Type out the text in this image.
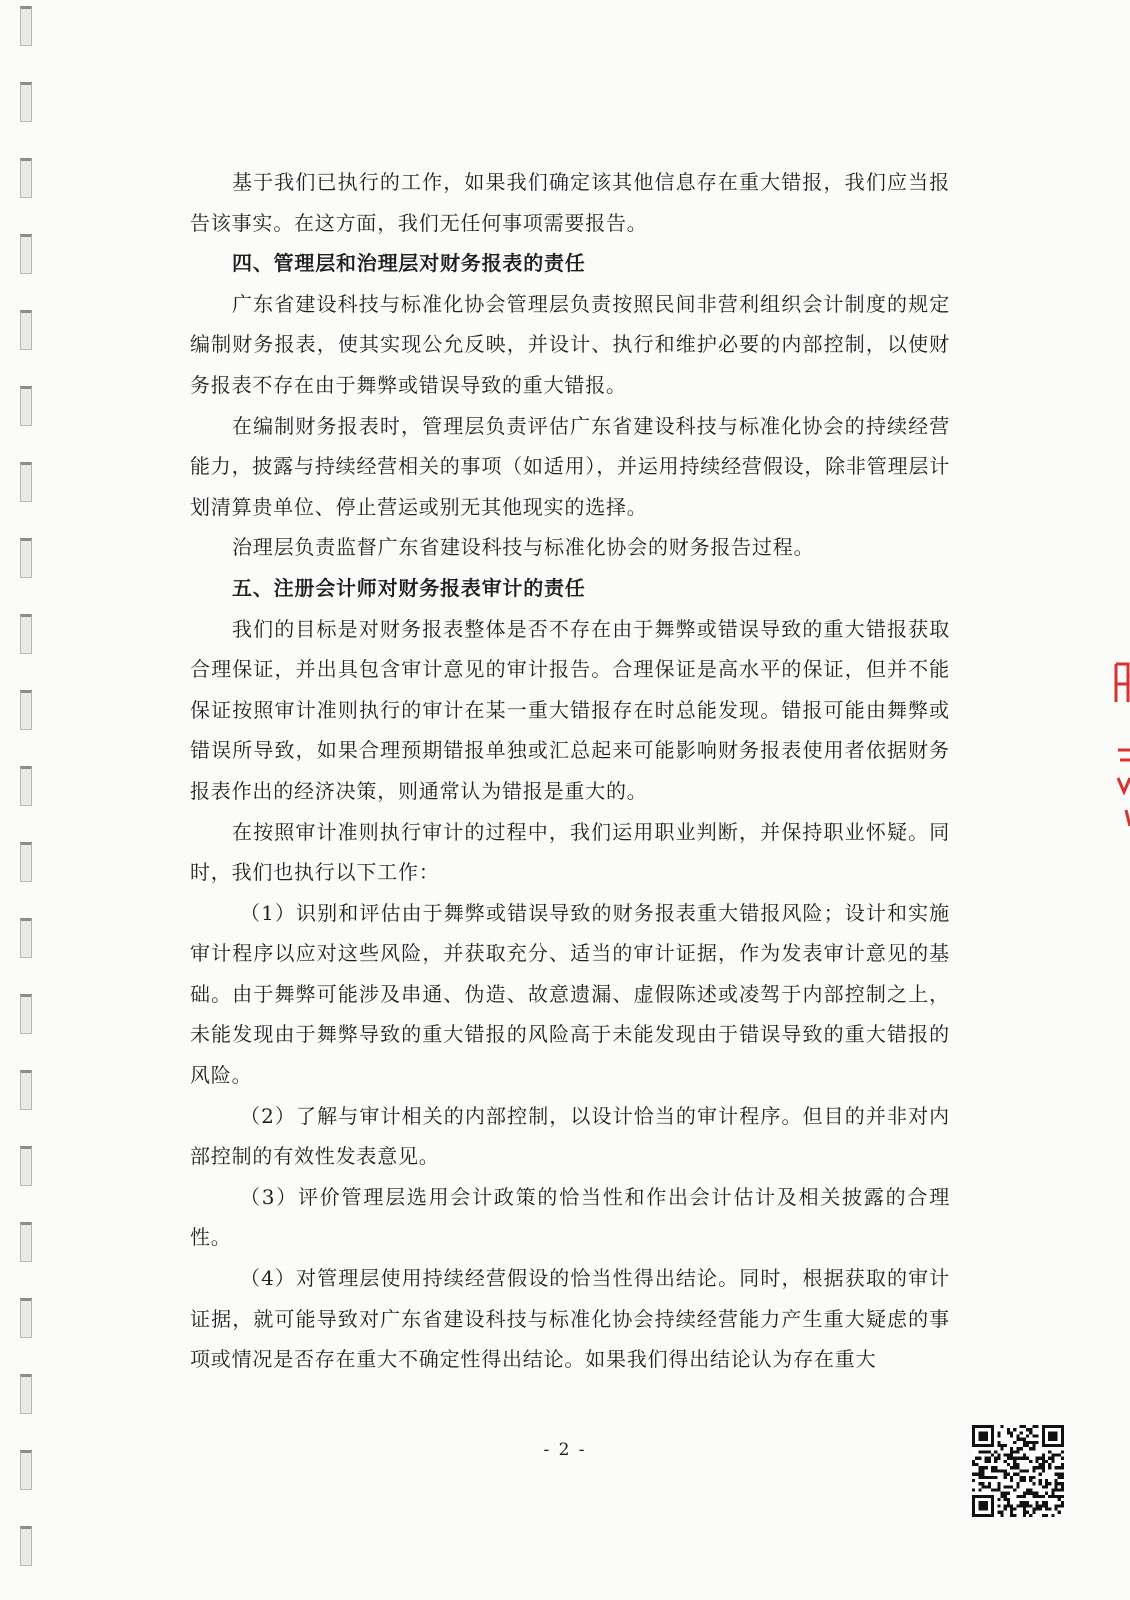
基于我们已执行的工作，如果我们确定该其他信息存在重大错报，我们应当报告该事实。在这方面，我们无任何事项需要报告。

四、管理层和治理层对财务报表的责任

广东省建设科技与标准化协会管理层负责按照民间非营利组织会计制度的规定编制财务报表，使其实现公允反映，并设计、执行和维护必要的内部控制，以使财务报表不存在由于舞弊或错误导致的重大错报。

在编制财务报表时，管理层负责评估广东省建设科技与标准化协会的持续经营能力，披露与持续经营相关的事项（如适用），并运用持续经营假设，除非管理层计划清算贵单位、停止营运或别无其他现实的选择。

治理层负责监督广东省建设科技与标准化协会的财务报告过程。

五、注册会计师对财务报表审计的责任

我们的目标是对财务报表整体是否不存在由于舞弊或错误导致的重大错报获取合理保证，并出具包含审计意见的审计报告。合理保证是高水平的保证，但并不能保证按照审计准则执行的审计在某一重大错报存在时总能发现。错报可能由舞弊或错误所导致，如果合理预期错报单独或汇总起来可能影响财务报表使用者依据财务报表作出的经济决策，则通常认为错报是重大的。

在按照审计准则执行审计的过程中，我们运用职业判断，并保持职业怀疑。同时，我们也执行以下工作：

（1）识别和评估由于舞弊或错误导致的财务报表重大错报风险；设计和实施审计程序以应对这些风险，并获取充分、适当的审计证据，作为发表审计意见的基础。由于舞弊可能涉及串通、伪造、故意遗漏、虚假陈述或凌驾于内部控制之上，未能发现由于舞弊导致的重大错报的风险高于未能发现由于错误导致的重大错报的风险。

（2）了解与审计相关的内部控制，以设计恰当的审计程序。但目的并非对内部控制的有效性发表意见。

（3）评价管理层选用会计政策的恰当性和作出会计估计及相关披露的合理性。

（4）对管理层使用持续经营假设的恰当性得出结论。同时，根据获取的审计证据，就可能导致对广东省建设科技与标准化协会持续经营能力产生重大疑虑的事项或情况是否存在重大不确定性得出结论。如果我们得出结论认为存在重大

- 2 -
